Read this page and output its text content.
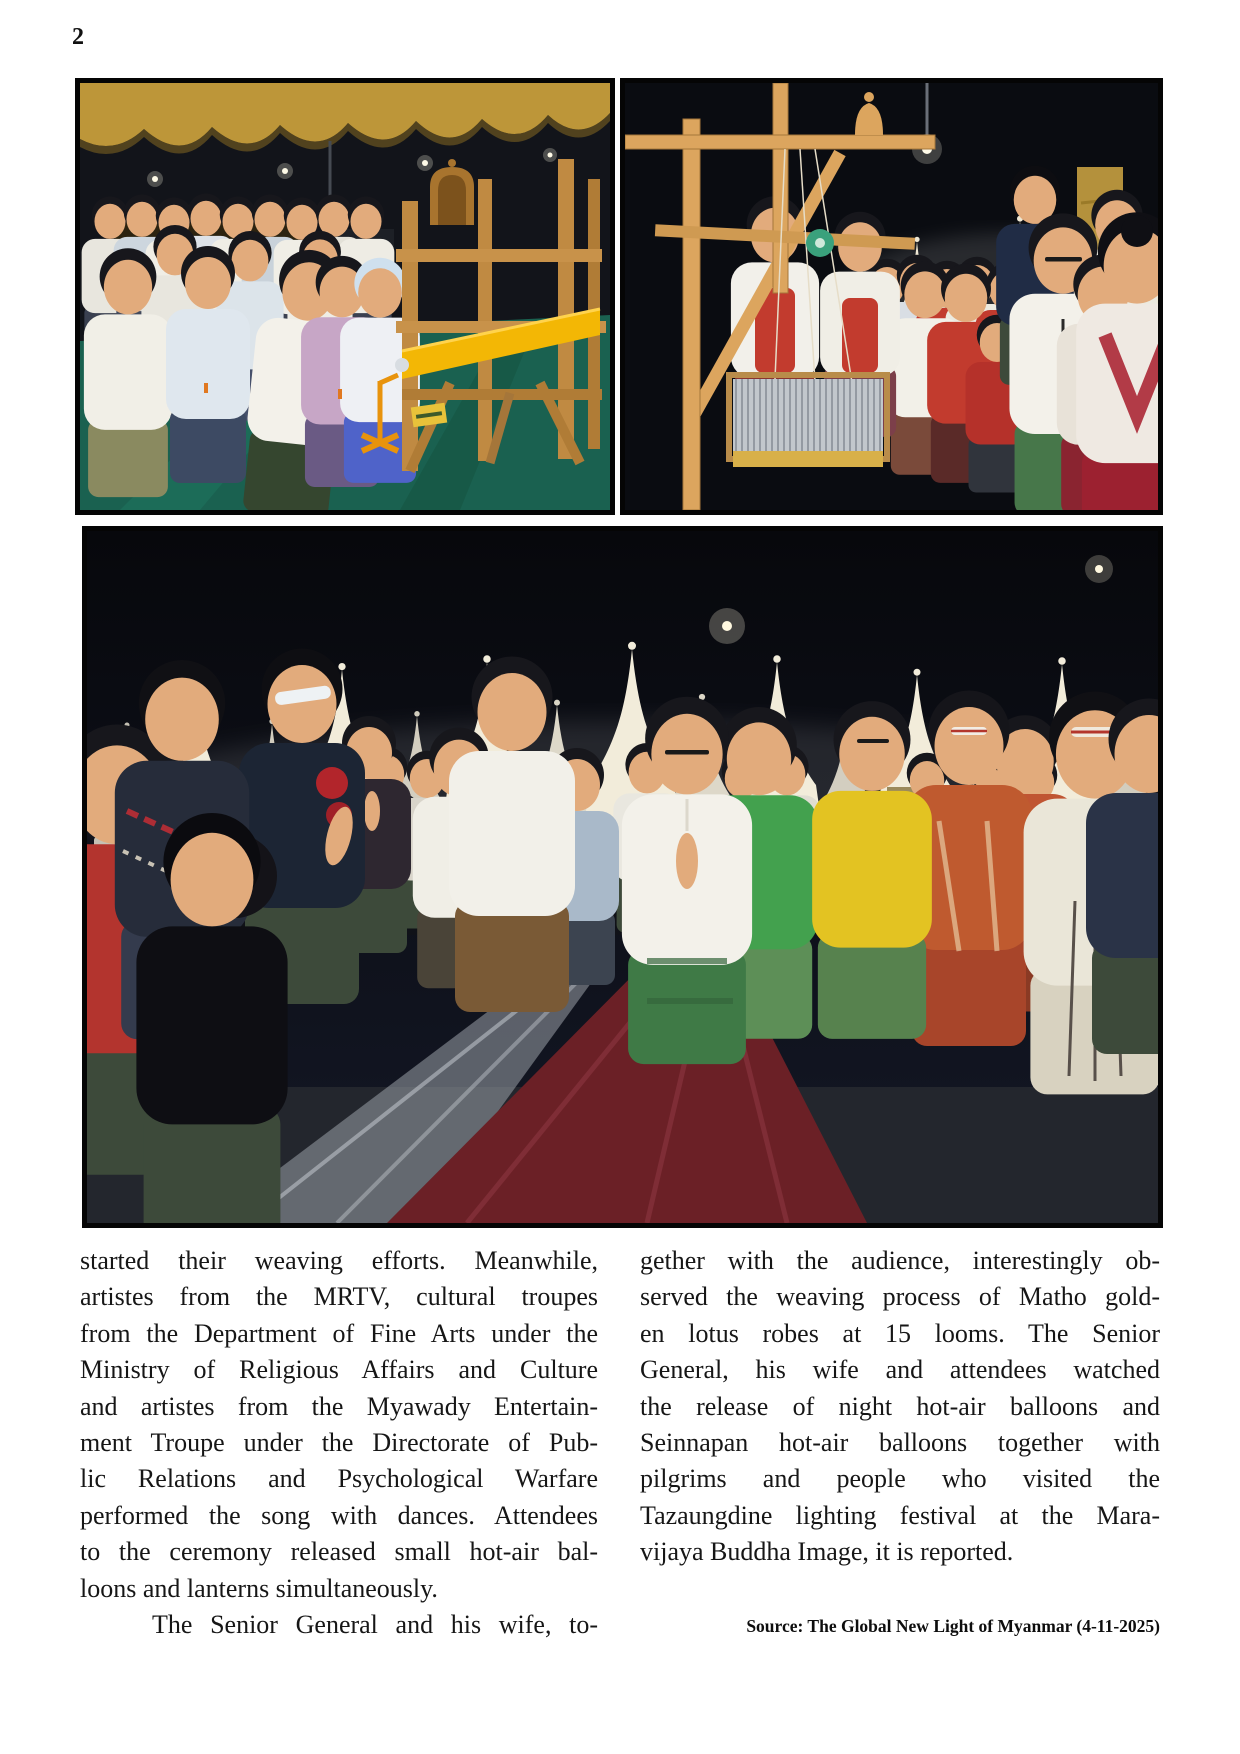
2
started their weaving efforts. Meanwhile,
artistes from the MRTV, cultural troupes
from the Department of Fine Arts under the
Ministry of Religious Affairs and Culture
and artistes from the Myawady Entertain-
ment Troupe under the Directorate of Pub-
lic Relations and Psychological Warfare
performed the song with dances. Attendees
to the ceremony released small hot-air bal-
loons and lanterns simultaneously.
The Senior General and his wife, to-
gether with the audience, interestingly ob-
served the weaving process of Matho gold-
en lotus robes at 15 looms. The Senior
General, his wife and attendees watched
the release of night hot-air balloons and
Seinnapan hot-air balloons together with
pilgrims and people who visited the
Tazaungdine lighting festival at the Mara-
vijaya Buddha Image, it is reported.
Source: The Global New Light of Myanmar (4-11-2025)
